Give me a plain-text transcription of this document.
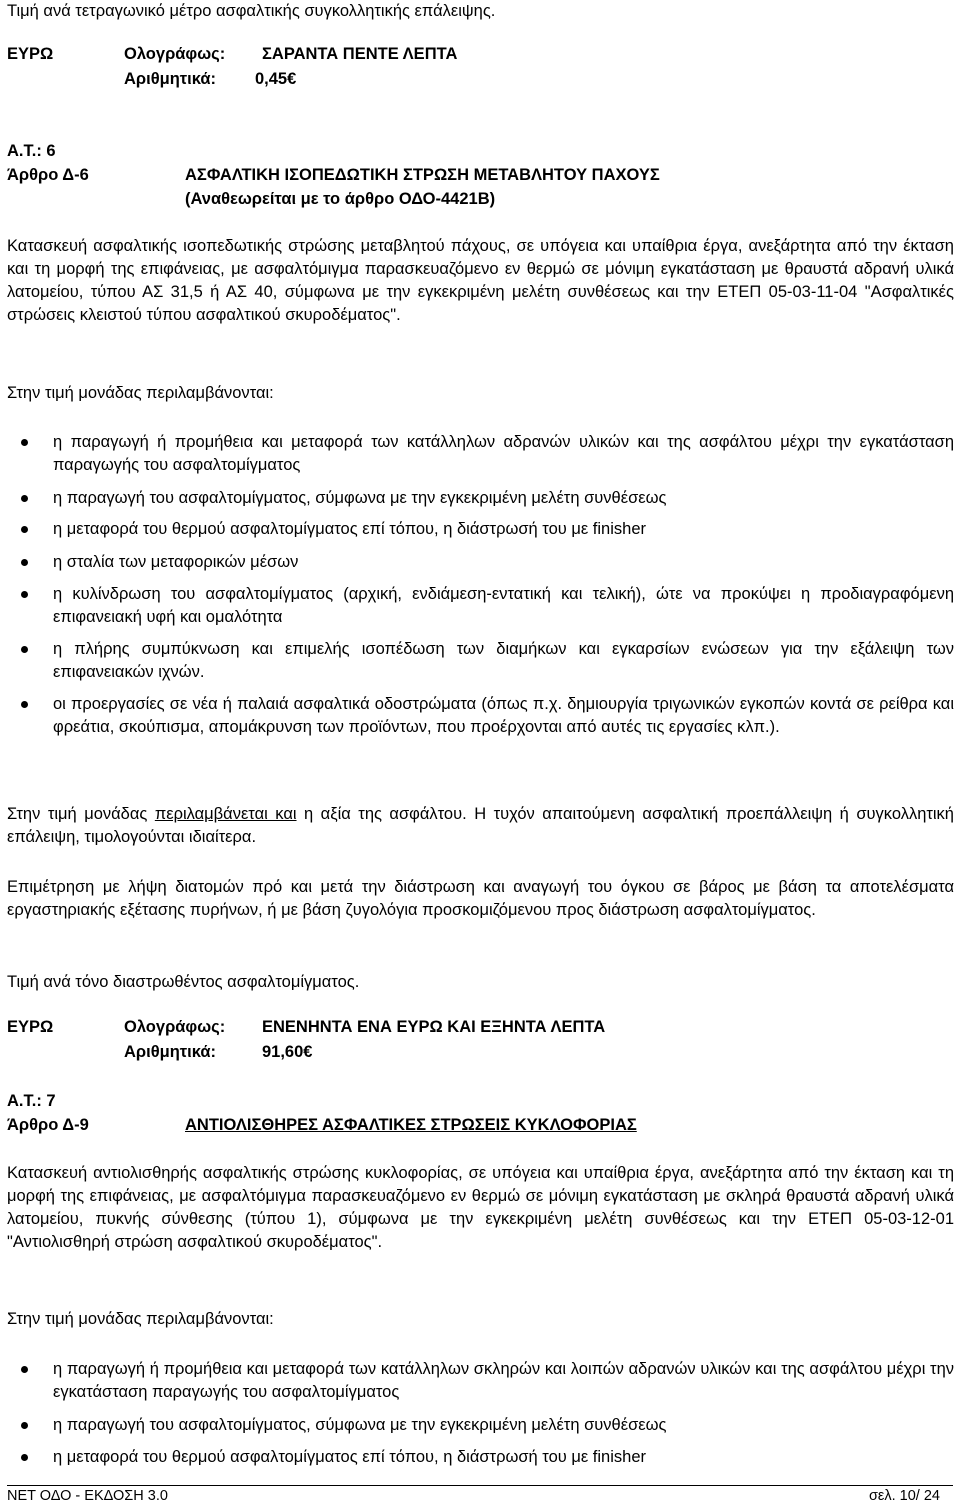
Τιμή ανά τετραγωνικό μέτρο ασφαλτικής συγκολλητικής επάλειψης.
ΕΥΡΩ	Ολογράφως: ΣΑΡΑΝΤΑ ΠΕΝΤΕ ΛΕΠΤΑ
Αριθμητικά: 0,45€
Α.Τ.: 6
Άρθρο Δ-6	ΑΣΦΑΛΤΙΚΗ ΙΣΟΠΕΔΩΤΙΚΗ ΣΤΡΩΣΗ ΜΕΤΑΒΛΗΤΟΥ ΠΑΧΟΥΣ
(Αναθεωρείται με το άρθρο ΟΔΟ-4421Β)
Κατασκευή ασφαλτικής ισοπεδωτικής στρώσης μεταβλητού πάχους, σε υπόγεια και υπαίθρια έργα, ανεξάρτητα από την έκταση και τη μορφή της επιφάνειας, με ασφαλτόμιγμα παρασκευαζόμενο εν θερμώ σε μόνιμη εγκατάσταση με θραυστά αδρανή υλικά λατομείου, τύπου ΑΣ 31,5 ή ΑΣ 40, σύμφωνα με την εγκεκριμένη μελέτη συνθέσεως και την ΕΤΕΠ 05-03-11-04 "Ασφαλτικές στρώσεις κλειστού τύπου ασφαλτικού σκυροδέματος".
Στην τιμή μονάδας περιλαμβάνονται:
η παραγωγή ή προμήθεια και μεταφορά των κατάλληλων αδρανών υλικών και της ασφάλτου μέχρι την εγκατάσταση παραγωγής του ασφαλτομίγματος
η παραγωγή του ασφαλτομίγματος, σύμφωνα με την εγκεκριμένη μελέτη συνθέσεως
η μεταφορά του θερμού ασφαλτομίγματος επί τόπου, η διάστρωσή του με finisher
η σταλία των μεταφορικών μέσων
η κυλίνδρωση του ασφαλτομίγματος (αρχική, ενδιάμεση-εντατική και τελική), ώτε να προκύψει η προδιαγραφόμενη επιφανειακή υφή και ομαλότητα
η πλήρης συμπύκνωση και επιμελής ισοπέδωση των διαμήκων και εγκαρσίων ενώσεων για την εξάλειψη των επιφανειακών ιχνών.
οι προεργασίες σε νέα ή παλαιά ασφαλτικά οδοστρώματα (όπως π.χ. δημιουργία τριγωνικών εγκοπών κοντά σε ρείθρα και φρεάτια, σκούπισμα, απομάκρυνση των προϊόντων, που προέρχονται από αυτές τις εργασίες κλπ.).
Στην τιμή μονάδας περιλαμβάνεται και η αξία της ασφάλτου. Η τυχόν απαιτούμενη ασφαλτική προεπάλλειψη ή συγκολλητική επάλειψη, τιμολογούνται ιδιαίτερα.
Επιμέτρηση με λήψη διατομών πρό και μετά την διάστρωση και αναγωγή του όγκου σε βάρος με βάση τα αποτελέσματα εργαστηριακής εξέτασης πυρήνων, ή με βάση ζυγολόγια προσκομιζόμενου προς διάστρωση ασφαλτομίγματος.
Τιμή ανά τόνο διαστρωθέντος ασφαλτομίγματος.
ΕΥΡΩ	Ολογράφως: ΕΝΕΝΗΝΤΑ ΕΝΑ ΕΥΡΩ ΚΑΙ ΕΞΗΝΤΑ ΛΕΠΤΑ
Αριθμητικά:	91,60€
Α.Τ.: 7
Άρθρο Δ-9	ΑΝΤΙΟΛΙΣΘΗΡΕΣ ΑΣΦΑΛΤΙΚΕΣ ΣΤΡΩΣΕΙΣ ΚΥΚΛΟΦΟΡΙΑΣ
Κατασκευή αντιολισθηρής ασφαλτικής στρώσης κυκλοφορίας, σε υπόγεια και υπαίθρια έργα, ανεξάρτητα από την έκταση και τη μορφή της επιφάνειας, με ασφαλτόμιγμα παρασκευαζόμενο εν θερμώ σε μόνιμη εγκατάσταση με σκληρά θραυστά αδρανή υλικά λατομείου, πυκνής σύνθεσης (τύπου 1), σύμφωνα με την εγκεκριμένη μελέτη συνθέσεως και την ΕΤΕΠ 05-03-12-01 "Αντιολισθηρή στρώση ασφαλτικού σκυροδέματος".
Στην τιμή μονάδας περιλαμβάνονται:
η παραγωγή ή προμήθεια και μεταφορά των κατάλληλων σκληρών και λοιπών αδρανών υλικών και της ασφάλτου μέχρι την εγκατάσταση παραγωγής του ασφαλτομίγματος
η παραγωγή του ασφαλτομίγματος, σύμφωνα με την εγκεκριμένη μελέτη συνθέσεως
η μεταφορά του θερμού ασφαλτομίγματος επί τόπου, η διάστρωσή του με finisher
ΝΕΤ ΟΔΟ - ΕΚΔΟΣΗ 3.0	σελ. 10/ 24
